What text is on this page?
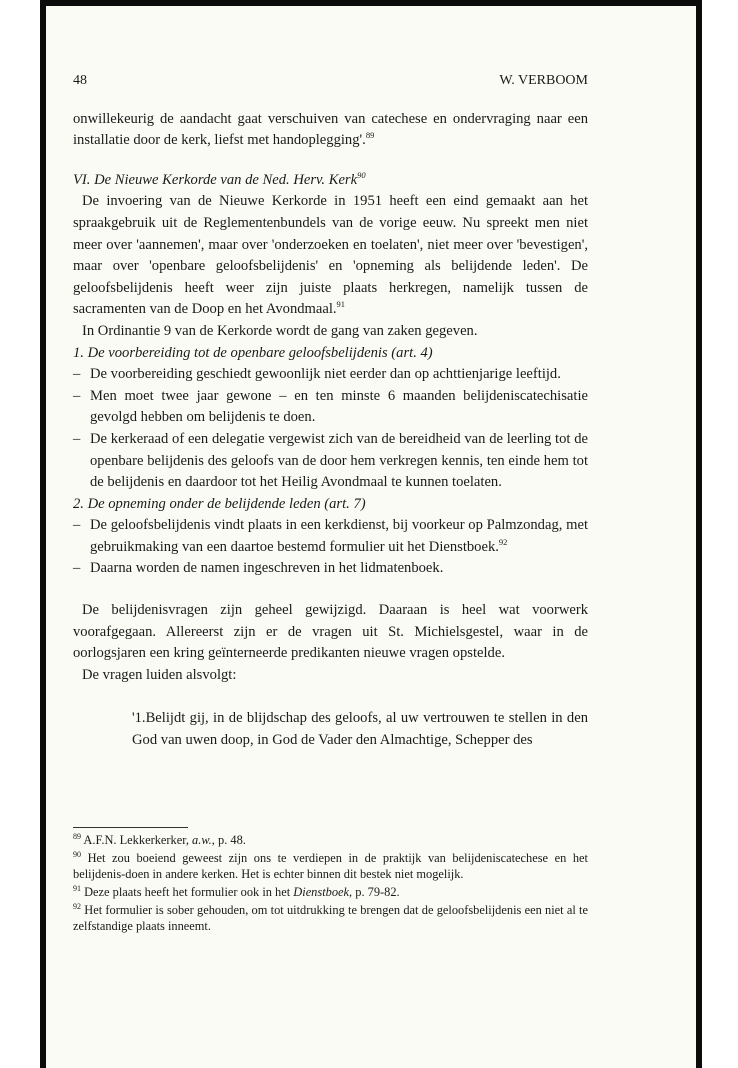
48	W. VERBOOM

onwillekeurig de aandacht gaat verschuiven van catechese en ondervraging naar een installatie door de kerk, liefst met handoplegging'.$^{89}$

VI. De Nieuwe Kerkorde van de Ned. Herv. Kerk$^{90}$

De invoering van de Nieuwe Kerkorde in 1951 heeft een eind gemaakt aan het spraakgebruik uit de Reglementenbundels van de vorige eeuw. Nu spreekt men niet meer over 'aannemen', maar over 'onderzoeken en toelaten', niet meer over 'bevestigen', maar over 'openbare geloofsbelijdenis' en 'opneming als belijdende leden'. De geloofsbelijdenis heeft weer zijn juiste plaats herkregen, namelijk tussen de sacramenten van de Doop en het Avondmaal.$^{91}$

In Ordinantie 9 van de Kerkorde wordt de gang van zaken gegeven.

1. De voorbereiding tot de openbare geloofsbelijdenis (art. 4)

– De voorbereiding geschiedt gewoonlijk niet eerder dan op achttienjarige leeftijd.
– Men moet twee jaar gewone – en ten minste 6 maanden belijdeniscatechisatie gevolgd hebben om belijdenis te doen.
– De kerkeraad of een delegatie vergewist zich van de bereidheid van de leerling tot de openbare belijdenis des geloofs van de door hem verkregen kennis, ten einde hem tot de belijdenis en daardoor tot het Heilig Avondmaal te kunnen toelaten.

2. De opneming onder de belijdende leden (art. 7)

– De geloofsbelijdenis vindt plaats in een kerkdienst, bij voorkeur op Palmzondag, met gebruikmaking van een daartoe bestemd formulier uit het Dienstboek.$^{92}$
– Daarna worden de namen ingeschreven in het lidmatenboek.

De belijdenisvragen zijn geheel gewijzigd. Daaraan is heel wat voorwerk voorafgegaan. Allereerst zijn er de vragen uit St. Michielsgestel, waar in de oorlogsjaren een kring geïnterneerde predikanten nieuwe vragen opstelde.

De vragen luiden alsvolgt:

'1.Belijdt gij, in de blijdschap des geloofs, al uw vertrouwen te stellen in den God van uwen doop, in God de Vader den Almachtige, Schepper des

$^{89}$ A.F.N. Lekkerkerker, a.w., p. 48.
$^{90}$ Het zou boeiend geweest zijn ons te verdiepen in de praktijk van belijdeniscatechese en het belijdenis-doen in andere kerken. Het is echter binnen dit bestek niet mogelijk.
$^{91}$ Deze plaats heeft het formulier ook in het Dienstboek, p. 79-82.
$^{92}$ Het formulier is sober gehouden, om tot uitdrukking te brengen dat de geloofsbelijdenis een niet al te zelfstandige plaats inneemt.
